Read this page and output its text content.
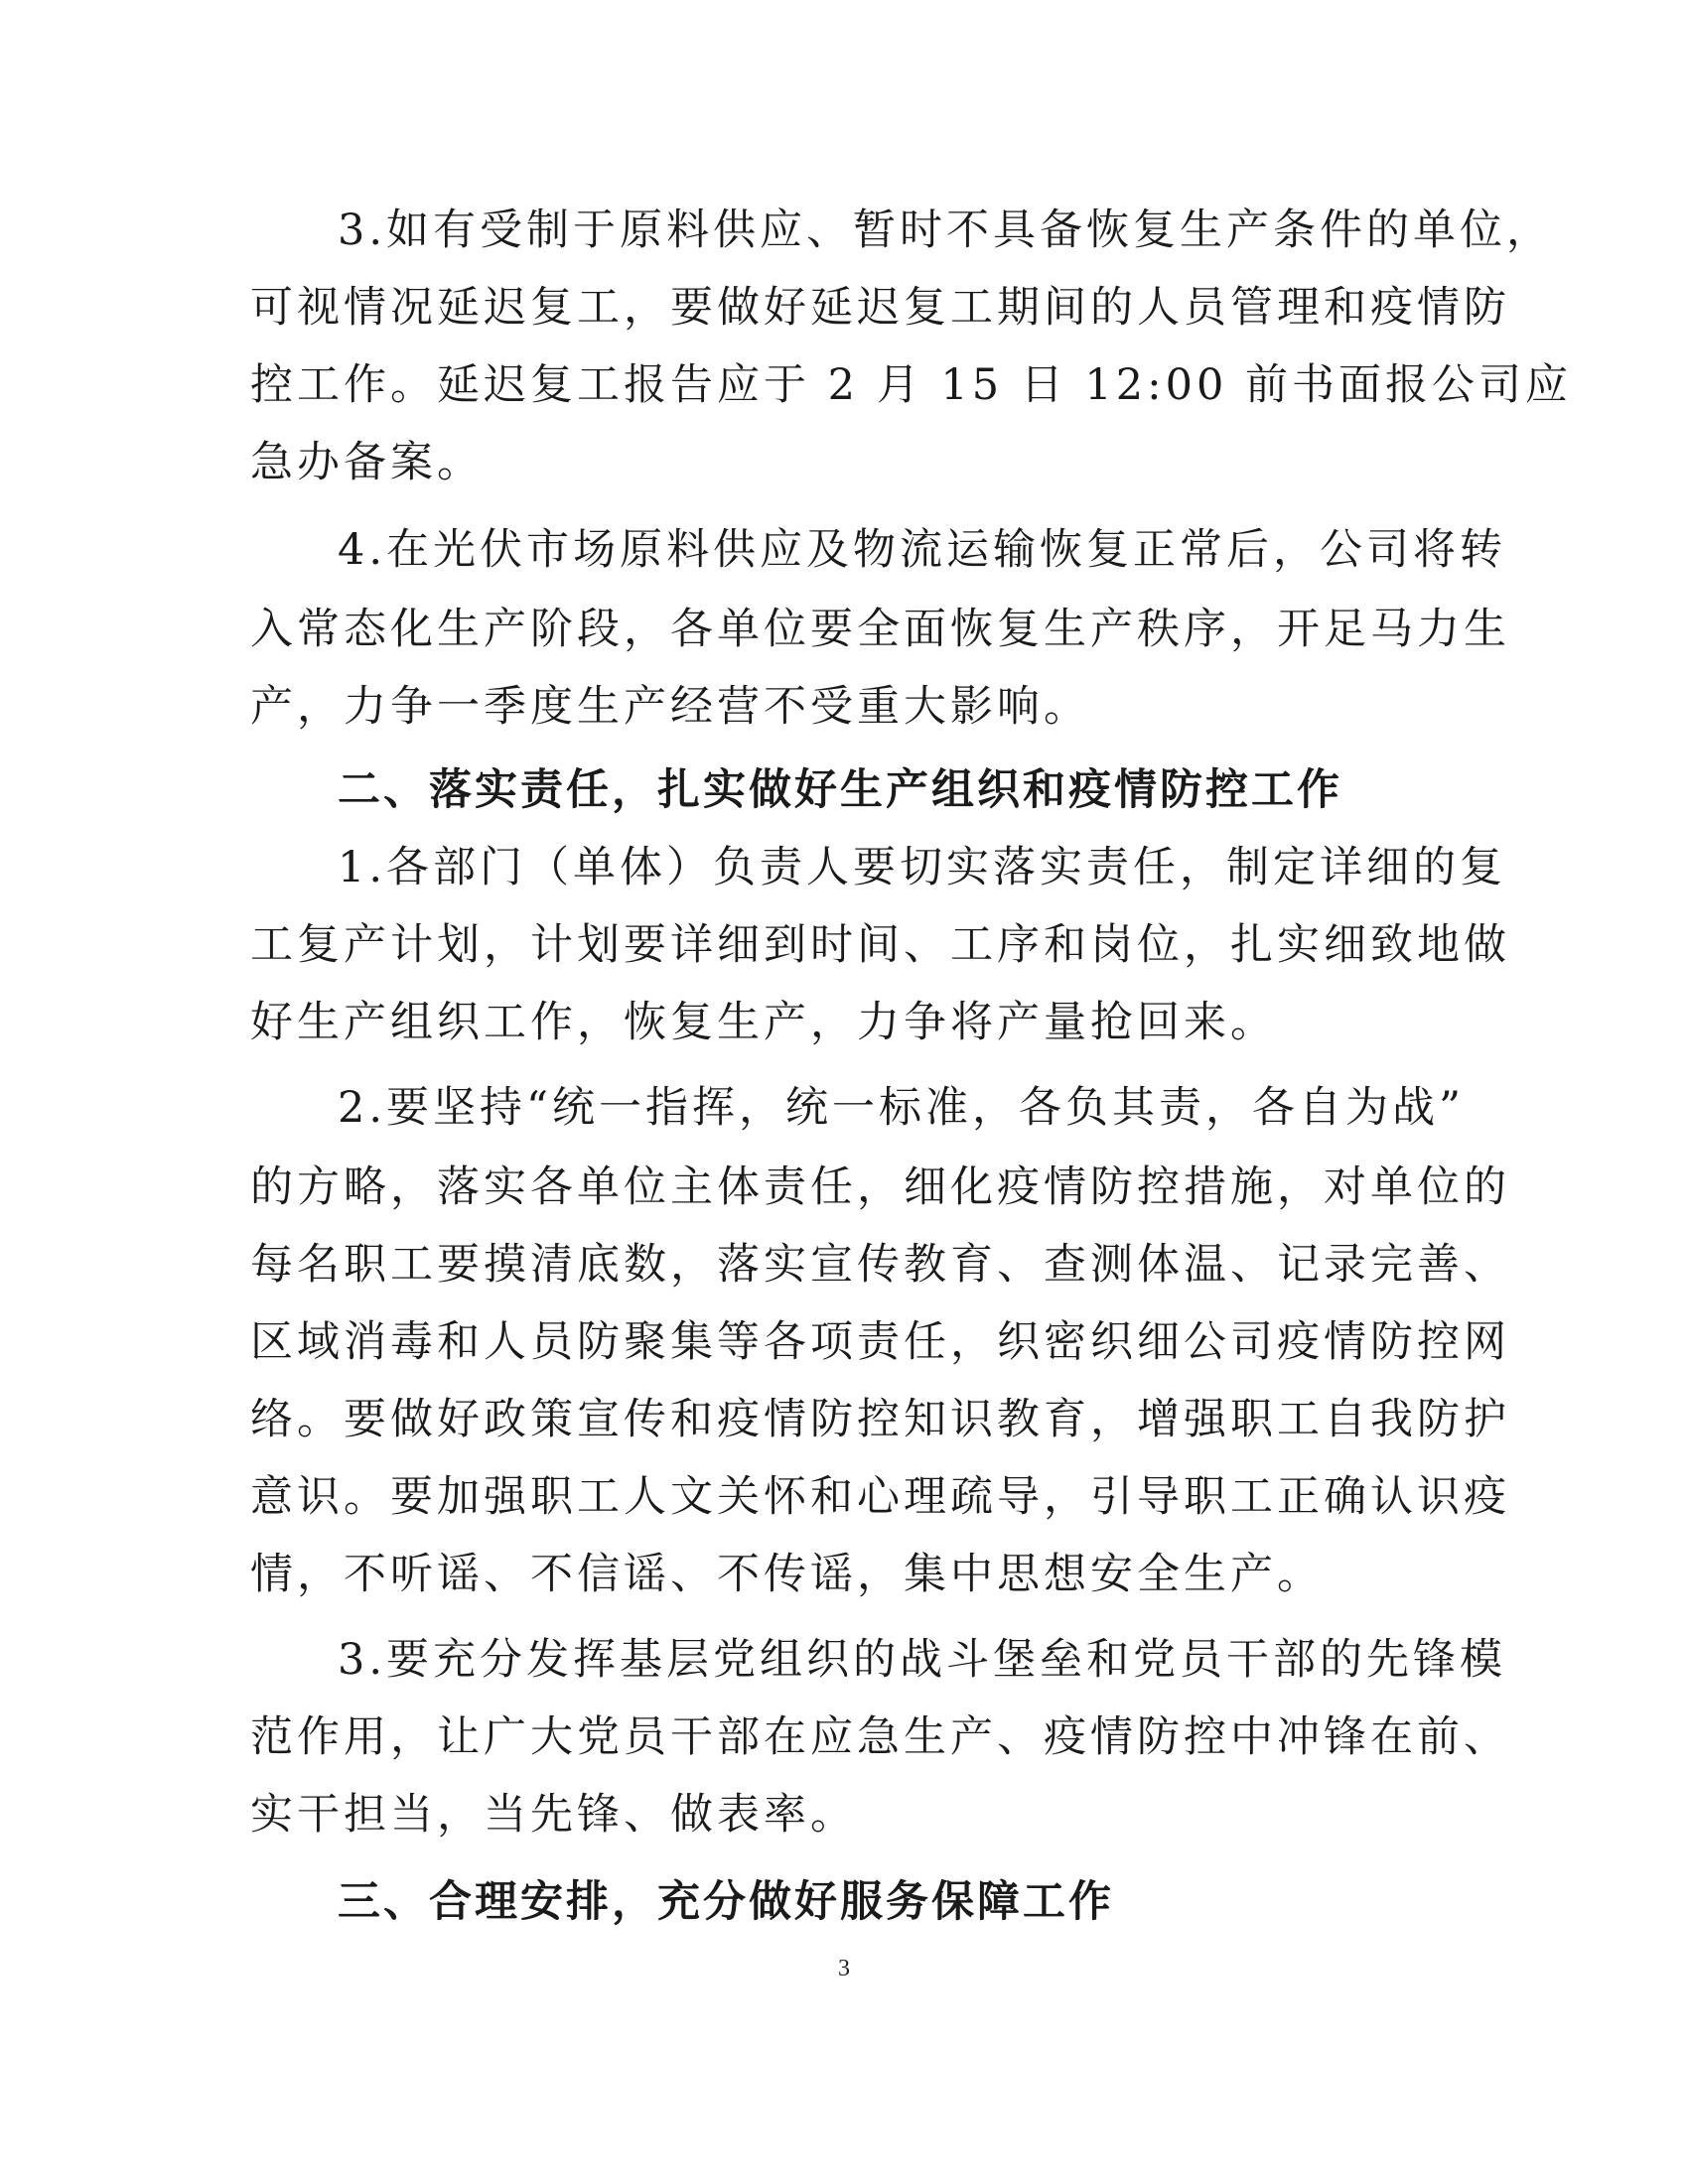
3.如有受制于原料供应、暂时不具备恢复生产条件的单位，
可视情况延迟复工，要做好延迟复工期间的人员管理和疫情防
控工作。延迟复工报告应于 2 月 15 日 12:00 前书面报公司应
急办备案。
4.在光伏市场原料供应及物流运输恢复正常后，公司将转
入常态化生产阶段，各单位要全面恢复生产秩序，开足马力生
产，力争一季度生产经营不受重大影响。
二、落实责任，扎实做好生产组织和疫情防控工作
1.各部门（单体）负责人要切实落实责任，制定详细的复
工复产计划，计划要详细到时间、工序和岗位，扎实细致地做
好生产组织工作，恢复生产，力争将产量抢回来。
2.要坚持“统一指挥，统一标准，各负其责，各自为战”
的方略，落实各单位主体责任，细化疫情防控措施，对单位的
每名职工要摸清底数，落实宣传教育、查测体温、记录完善、
区域消毒和人员防聚集等各项责任，织密织细公司疫情防控网
络。要做好政策宣传和疫情防控知识教育，增强职工自我防护
意识。要加强职工人文关怀和心理疏导，引导职工正确认识疫
情，不听谣、不信谣、不传谣，集中思想安全生产。
3.要充分发挥基层党组织的战斗堡垒和党员干部的先锋模
范作用，让广大党员干部在应急生产、疫情防控中冲锋在前、
实干担当，当先锋、做表率。
三、合理安排，充分做好服务保障工作
3
